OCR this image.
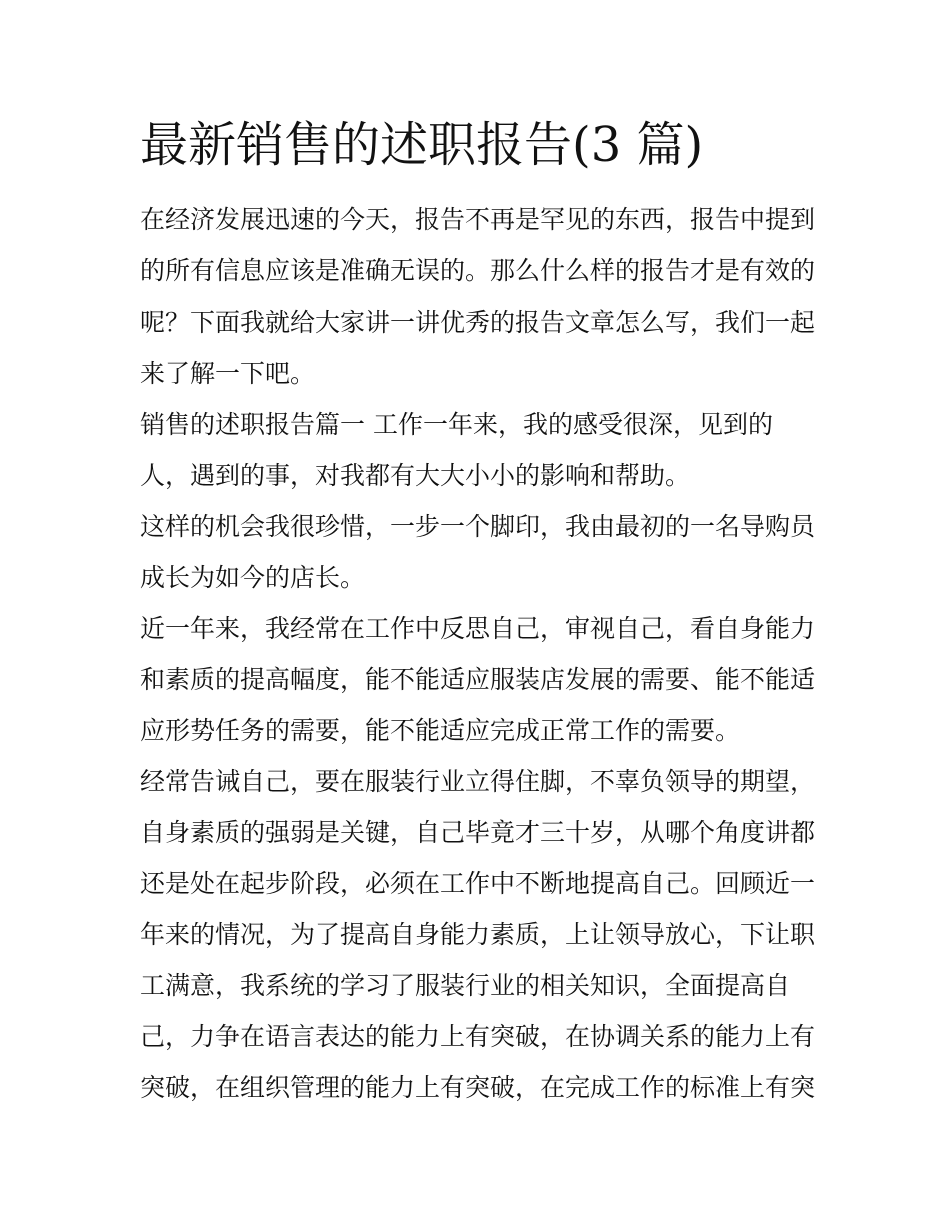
最新销售的述职报告(3 篇)

在经济发展迅速的今天，报告不再是罕见的东西，报告中提到

的所有信息应该是准确无误的。那么什么样的报告才是有效的

呢？下面我就给大家讲一讲优秀的报告文章怎么写，我们一起

来了解一下吧。

销售的述职报告篇一 工作一年来，我的感受很深，见到的

人，遇到的事，对我都有大大小小的影响和帮助。

这样的机会我很珍惜，一步一个脚印，我由最初的一名导购员

成长为如今的店长。

近一年来，我经常在工作中反思自己，审视自己，看自身能力

和素质的提高幅度，能不能适应服装店发展的需要、能不能适

应形势任务的需要，能不能适应完成正常工作的需要。

经常告诫自己，要在服装行业立得住脚，不辜负领导的期望，

自身素质的强弱是关键，自己毕竟才三十岁，从哪个角度讲都

还是处在起步阶段，必须在工作中不断地提高自己。回顾近一

年来的情况，为了提高自身能力素质，上让领导放心，下让职

工满意，我系统的学习了服装行业的相关知识，全面提高自

己，力争在语言表达的能力上有突破，在协调关系的能力上有

突破，在组织管理的能力上有突破，在完成工作的标准上有突
